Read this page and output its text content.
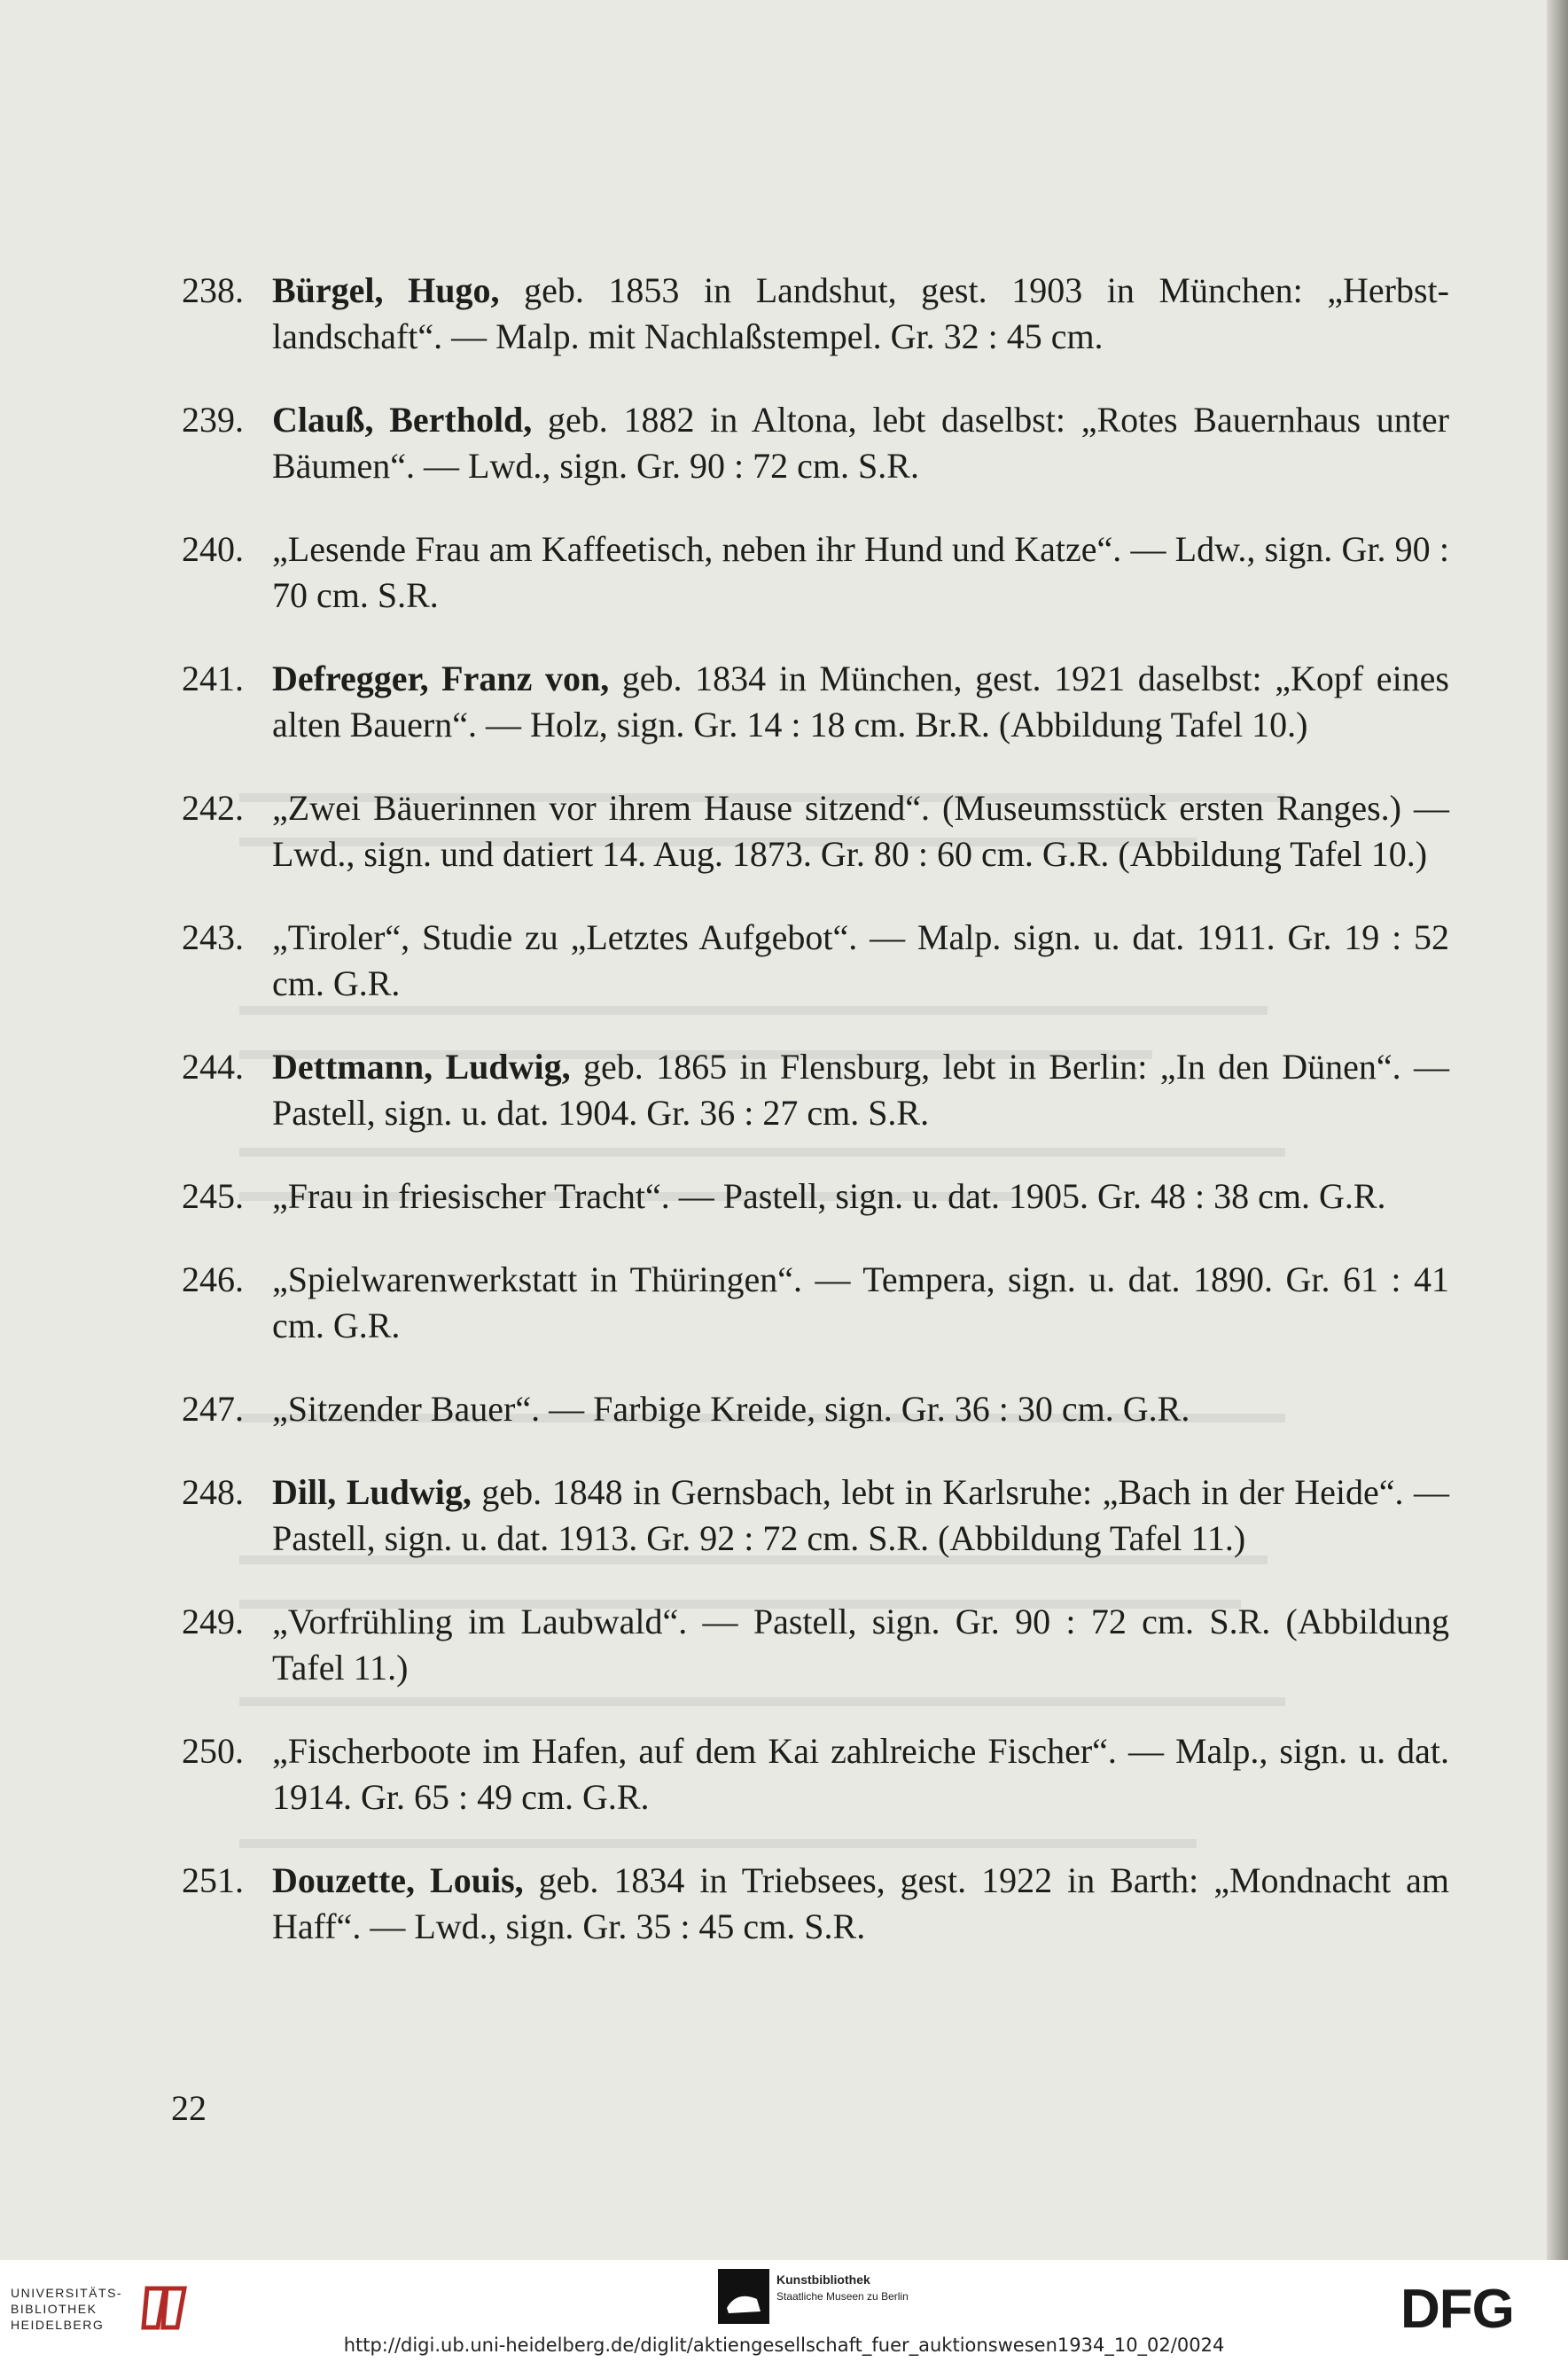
238. Bürgel, Hugo, geb. 1853 in Landshut, gest. 1903 in München: „Herbstlandschaft“. — Malp. mit Nachlaßstempel. Gr. 32 : 45 cm.
239. Clauß, Berthold, geb. 1882 in Altona, lebt daselbst: „Rotes Bauernhaus unter Bäumen“. — Lwd., sign. Gr. 90 : 72 cm. S.R.
240. „Lesende Frau am Kaffeetisch, neben ihr Hund und Katze“. — Ldw., sign. Gr. 90 : 70 cm. S.R.
241. Defregger, Franz von, geb. 1834 in München, gest. 1921 daselbst: „Kopf eines alten Bauern“. — Holz, sign. Gr. 14 : 18 cm. Br.R. (Abbildung Tafel 10.)
242. „Zwei Bäuerinnen vor ihrem Hause sitzend“. (Museumsstück ersten Ranges.) — Lwd., sign. und datiert 14. Aug. 1873. Gr. 80 : 60 cm. G.R. (Abbildung Tafel 10.)
243. „Tiroler“, Studie zu „Letztes Aufgebot“. — Malp. sign. u. dat. 1911. Gr. 19 : 52 cm. G.R.
244. Dettmann, Ludwig, geb. 1865 in Flensburg, lebt in Berlin: „In den Dünen“. — Pastell, sign. u. dat. 1904. Gr. 36 : 27 cm. S.R.
245. „Frau in friesischer Tracht“. — Pastell, sign. u. dat. 1905. Gr. 48 : 38 cm. G.R.
246. „Spielwarenwerkstatt in Thüringen“. — Tempera, sign. u. dat. 1890. Gr. 61 : 41 cm. G.R.
247. „Sitzender Bauer“. — Farbige Kreide, sign. Gr. 36 : 30 cm. G.R.
248. Dill, Ludwig, geb. 1848 in Gernsbach, lebt in Karlsruhe: „Bach in der Heide“. — Pastell, sign. u. dat. 1913. Gr. 92 : 72 cm. S.R. (Abbildung Tafel 11.)
249. „Vorfrühling im Laubwald“. — Pastell, sign. Gr. 90 : 72 cm. S.R. (Abbildung Tafel 11.)
250. „Fischerboote im Hafen, auf dem Kai zahlreiche Fischer“. — Malp., sign. u. dat. 1914. Gr. 65 : 49 cm. G.R.
251. Douzette, Louis, geb. 1834 in Triebsees, gest. 1922 in Barth: „Mondnacht am Haff“. — Lwd., sign. Gr. 35 : 45 cm. S.R.
22
UNIVERSITÄTS-
BIBLIOTHEK
HEIDELBERG
Kunstbibliothek
Staatliche Museen zu Berlin	DFG
http://digi.ub.uni-heidelberg.de/diglit/aktiengesellschaft_fuer_auktionswesen1934_10_02/0024
